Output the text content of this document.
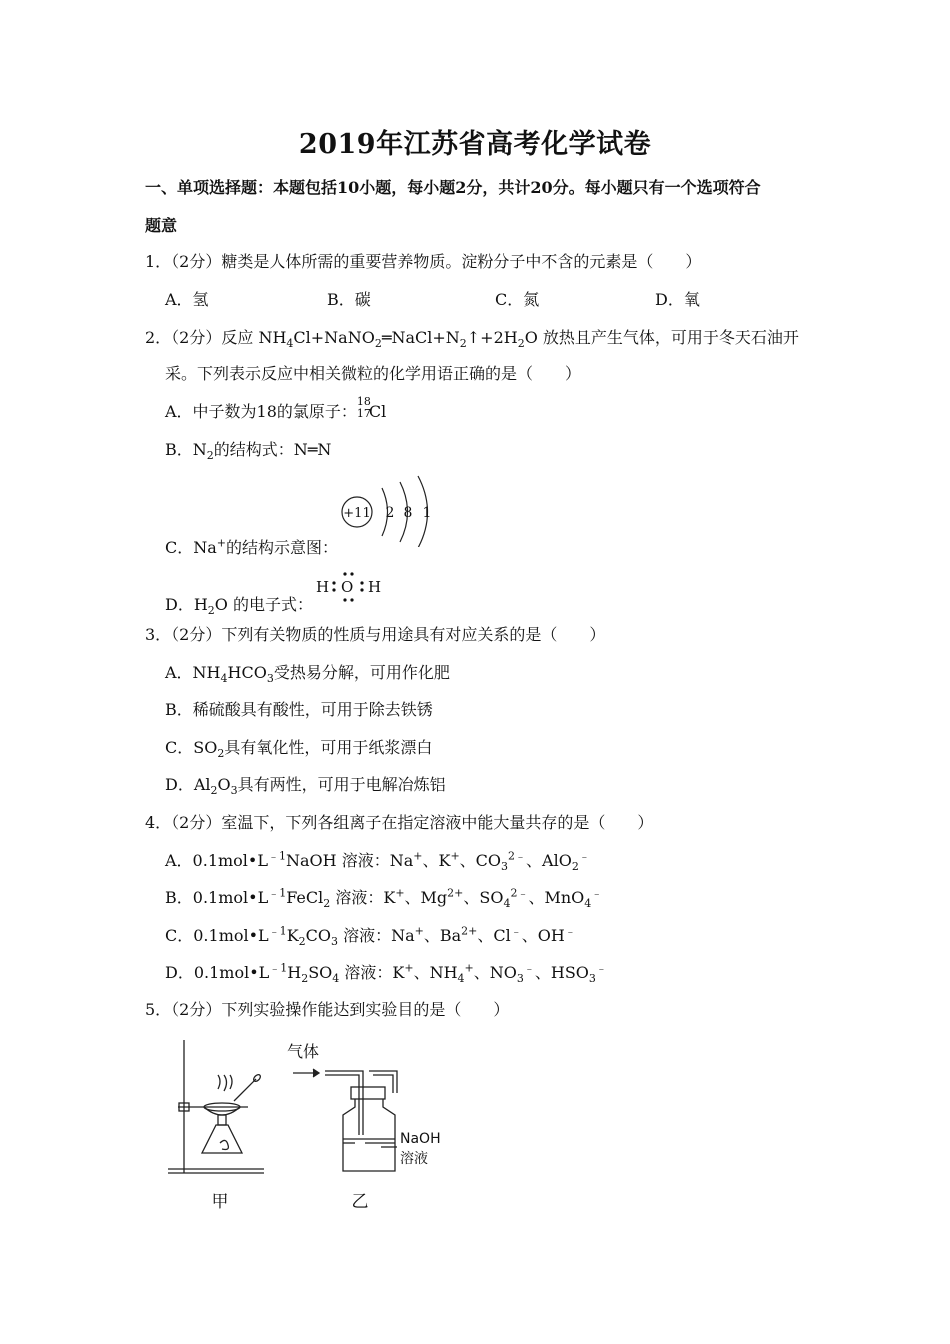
2019年江苏省高考化学试卷
一、单项选择题：本题包括10小题，每小题2分，共计20分。每小题只有一个选项符合
题意
1．（2分）糖类是人体所需的重要营养物质。淀粉分子中不含的元素是（　　）
A．氢	B．碳	C．氮	D．氧
2．（2分）反应 $NH_4Cl+NaNO_2═NaCl+N_2↑+2H_2O$ 放热且产生气体，可用于冬天石油开
采。下列表示反应中相关微粒的化学用语正确的是（　　）
A．中子数为18的氯原子：
18
17
Cl
B．$N_2$的结构式：N═N
C．Na+的结构示意图：
+11 2 8 1
D．$H_2O$ 的电子式：
H O H
3．（2分）下列有关物质的性质与用途具有对应关系的是（　　）
A．$NH_4HCO_3$受热易分解，可用作化肥
B．稀硫酸具有酸性，可用于除去铁锈
C．$SO_2$具有氧化性，可用于纸浆漂白
D．$Al_2O_3$具有两性，可用于电解冶炼铝
4．（2分）室温下，下列各组离子在指定溶液中能大量共存的是（　　）
A．$0.1mol•L^{﹣1}NaOH$ 溶液：Na+、K+、$CO_3^{2﹣}$、AlO$_2$﹣
B．$0.1mol•L^{﹣1}FeCl_2$ 溶液：K+、$Mg^{2+}$、$SO_4^{2﹣}$、MnO$_4$﹣
C．$0.1mol•L^{﹣1}K_2CO_3$ 溶液：Na+、$Ba^{2+}$、Cl﹣、OH﹣
D．$0.1mol•L^{﹣1}H_2SO_4$ 溶液：K+、$NH_4^+$、$NO_3^﹣$、$HSO_3^﹣$
5．（2分）下列实验操作能达到实验目的是（　　）
甲
气体
NaOH
溶液
乙
